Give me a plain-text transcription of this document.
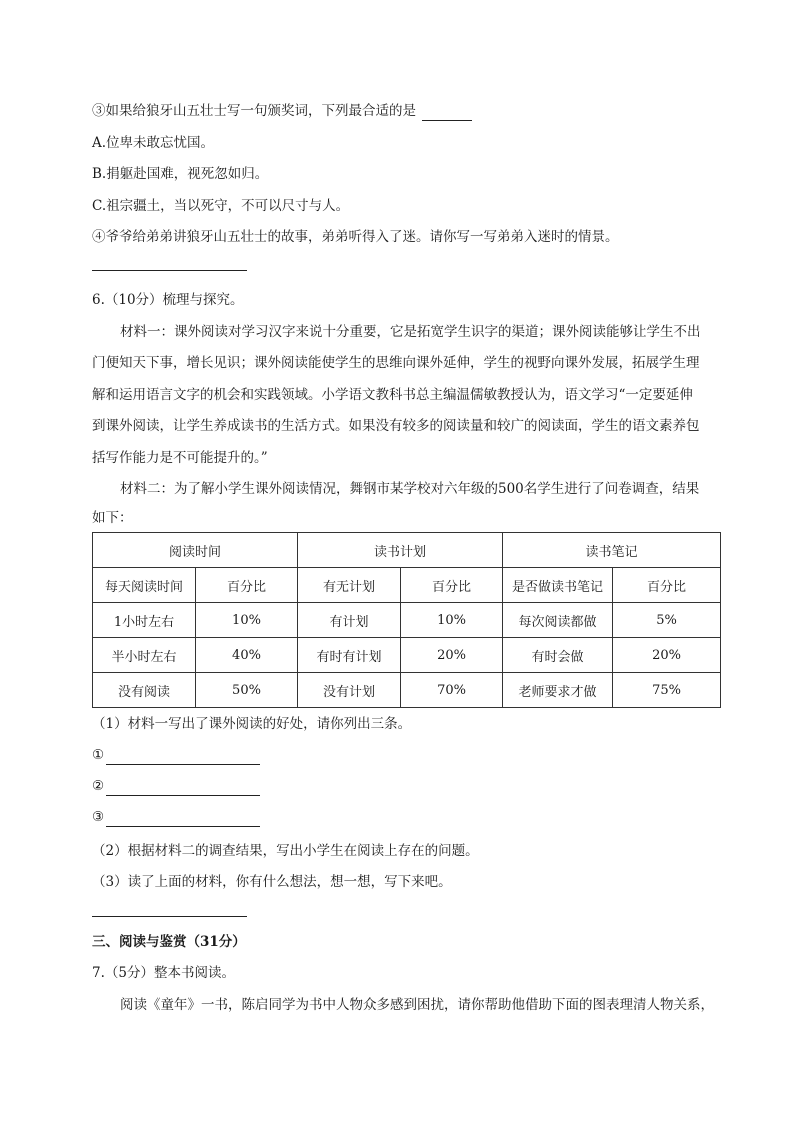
③如果给狼牙山五壮士写一句颁奖词，下列最合适的是
A.位卑未敢忘忧国。
B.捐躯赴国难，视死忽如归。
C.祖宗疆土，当以死守，不可以尺寸与人。
④爷爷给弟弟讲狼牙山五壮士的故事，弟弟听得入了迷。请你写一写弟弟入迷时的情景。
6.（10分）梳理与探究。
材料一：课外阅读对学习汉字来说十分重要，它是拓宽学生识字的渠道；课外阅读能够让学生不出
门便知天下事，增长见识；课外阅读能使学生的思维向课外延伸，学生的视野向课外发展，拓展学生理
解和运用语言文字的机会和实践领域。小学语文教科书总主编温儒敏教授认为，语文学习“一定要延伸
到课外阅读，让学生养成读书的生活方式。如果没有较多的阅读量和较广的阅读面，学生的语文素养包
括写作能力是不可能提升的。”
材料二：为了解小学生课外阅读情况，舞钢市某学校对六年级的500名学生进行了问卷调查，结果
如下：
阅读时间		读书计划		读书笔记	
每天阅读时间	百分比	有无计划	百分比	是否做读书笔记	百分比
1小时左右	10%	有计划	10%	每次阅读都做	5%
半小时左右	40%	有时有计划	20%	有时会做	20%
没有阅读	50%	没有计划	70%	老师要求才做	75%
（1）材料一写出了课外阅读的好处，请你列出三条。
①
②
③
（2）根据材料二的调查结果，写出小学生在阅读上存在的问题。
（3）读了上面的材料，你有什么想法，想一想，写下来吧。
三、阅读与鉴赏（31分）
7.（5分）整本书阅读。
阅读《童年》一书，陈启同学为书中人物众多感到困扰，请你帮助他借助下面的图表理清人物关系，
